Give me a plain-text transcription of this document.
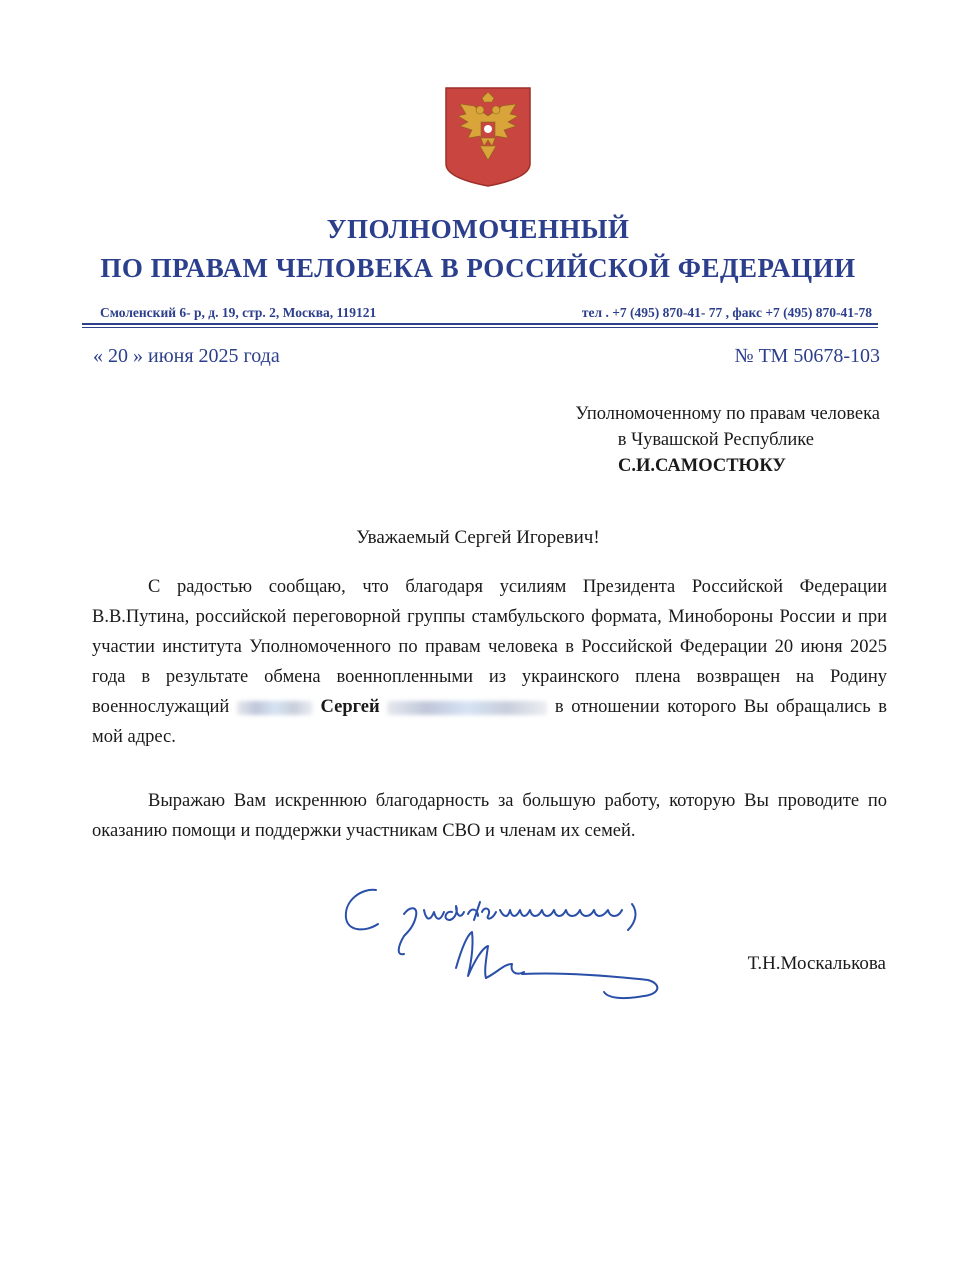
УПОЛНОМОЧЕННЫЙ
ПО ПРАВАМ ЧЕЛОВЕКА В РОССИЙСКОЙ ФЕДЕРАЦИИ
Смоленский 6- р, д. 19, стр. 2, Москва, 119121	тел . +7 (495) 870-41- 77 , факс +7 (495) 870-41-78
« 20 » июня 2025 года	№ ТМ 50678-103
Уполномоченному по правам человека
в Чувашской Республике
С.И.САМОСТЮКУ
Уважаемый Сергей Игоревич!
С радостью сообщаю, что благодаря усилиям Президента Российской Федерации В.В.Путина, российской переговорной группы стамбульского формата, Минобороны России и при участии института Уполномоченного по правам человека в Российской Федерации 20 июня 2025 года в результате обмена военнопленными из украинского плена возвращен на Родину военнослужащий	Сергей	в отношении которого Вы обращались в мой адрес.
Выражаю Вам искреннюю благодарность за большую работу, которую Вы проводите по оказанию помощи и поддержки участникам СВО и членам их семей.
Т.Н.Москалькова
